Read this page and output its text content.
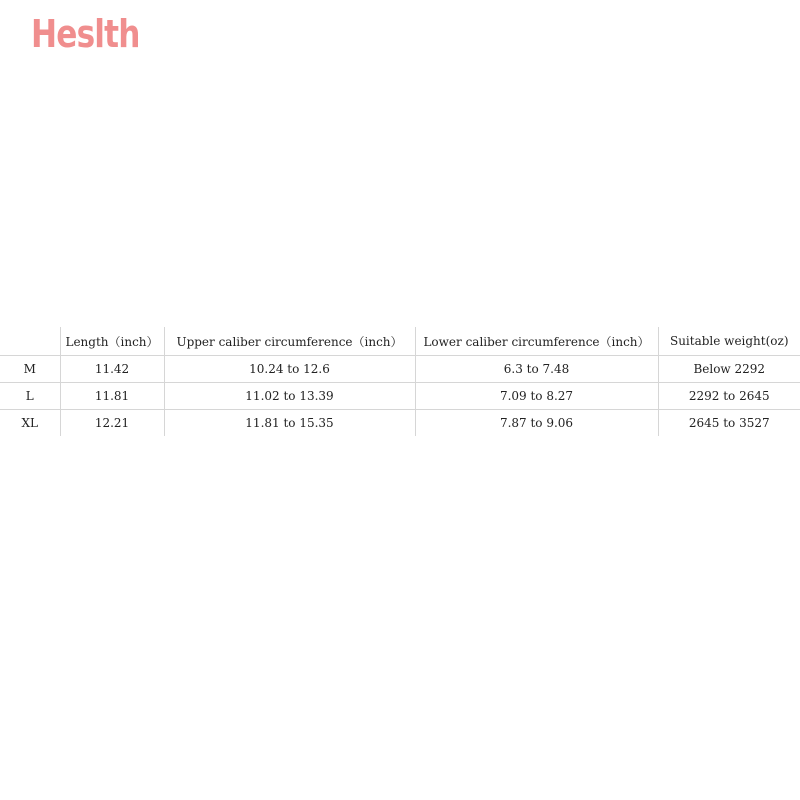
Heslth
	Length（inch）	Upper caliber circumference（inch）	Lower caliber circumference（inch）	Suitable weight(oz)
M	11.42	10.24 to 12.6	6.3 to 7.48	Below 2292
L	11.81	11.02 to 13.39	7.09 to 8.27	2292 to 2645
XL	12.21	11.81 to 15.35	7.87 to 9.06	2645 to 3527
